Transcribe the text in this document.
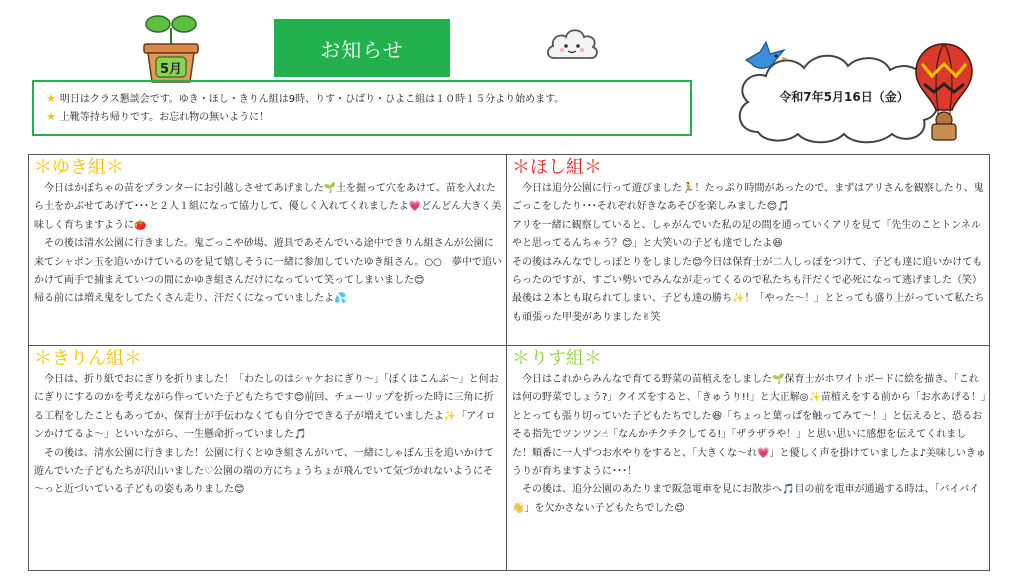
5月
お知らせ
★ 明日はクラス懇談会です。ゆき・ほし・きりん組は9時、りす・ひばり・ひよこ組は１０時１５分より始めます。
★ 上靴等持ち帰りです。お忘れ物の無いように！
令和7年5月16日（金）
＊ゆき組＊

今日はかぼちゃの苗をプランターにお引越しさせてあげました🌱土を掘って穴をあけて、苗を入れたら土をかぶせてあげて･･･と２人１組になって協力して、優しく入れてくれましたよ💗どんどん大きく美味しく育ちますように🍅

その後は清水公園に行きました。鬼ごっこや砂場、遊具であそんでいる途中できりん組さんが公園に来てシャボン玉を追いかけているのを見て嬉しそうに一緒に参加していたゆき組さん。○○　夢中で追いかけて両手で捕まえていつの間にかゆき組さんだけになっていて笑ってしまいました😊

帰る前には増え鬼をしてたくさん走り、汗だくになっていましたよ💦

＊ほし組＊

今日は追分公園に行って遊びました🏃！たっぷり時間があったので、まずはアリさんを観察したり、鬼ごっこをしたり･･･それぞれ好きなあそびを楽しみました😊🎵

アリを一緒に観察していると、しゃがんでいた私の足の間を通っていくアリを見て「先生のことトンネルやと思ってるんちゃう？😊」と大笑いの子ども達でしたよ😆

その後はみんなでしっぽとりをしました😊今日は保育士が二人しっぽをつけて、子ども達に追いかけてもらったのですが、すごい勢いでみんなが走ってくるので私たちも汗だくで必死になって逃げました（笑）最後は２本とも取られてしまい、子ども達の勝ち✨！「やった～！」ととっても盛り上がっていて私たちも頑張った甲斐がありました✌笑

＊きりん組＊

今日は、折り紙でおにぎりを折りました！「わたしのはシャケおにぎり～」「ぼくはこんぶ～」と何おにぎりにするのかを考えながら作っていた子どもたちです😊前回、チューリップを折った時に三角に折る工程をしたこともあってか、保育士が手伝わなくても自分でできる子が増えていましたよ✨「アイロンかけてるよ～」といいながら、一生懸命折っていました🎵

その後は、清水公園に行きました！公園に行くとゆき組さんがいて、一緒にしゃぼん玉を追いかけて遊んでいた子どもたちが沢山いました♡公園の端の方にちょうちょが飛んでいて気づかれないようにそ～っと近づいている子どもの姿もありました😊

＊りす組＊

今日はこれからみんなで育てる野菜の苗植えをしました🌱保育士がホワイトボードに絵を描き、「これは何の野菜でしょう?」クイズをすると、「きゅうり!!」と大正解◎✨苗植えをする前から「お水あげる！」ととっても張り切っていた子どもたちでした😆「ちょっと葉っぱを触ってみて～！」と伝えると、恐るおそる指先でツンツン☝「なんかチクチクしてる!」「ザラザラや！」と思い思いに感想を伝えてくれました！順番に一人ずつお水やりをすると、「大きくな～れ💗」と優しく声を掛けていましたよ♪美味しいきゅうりが育ちますように･･･！

その後は、追分公園のあたりまで阪急電車を見にお散歩へ🎵目の前を電車が通過する時は、「バイバイ👋」を欠かさない子どもたちでした😊
